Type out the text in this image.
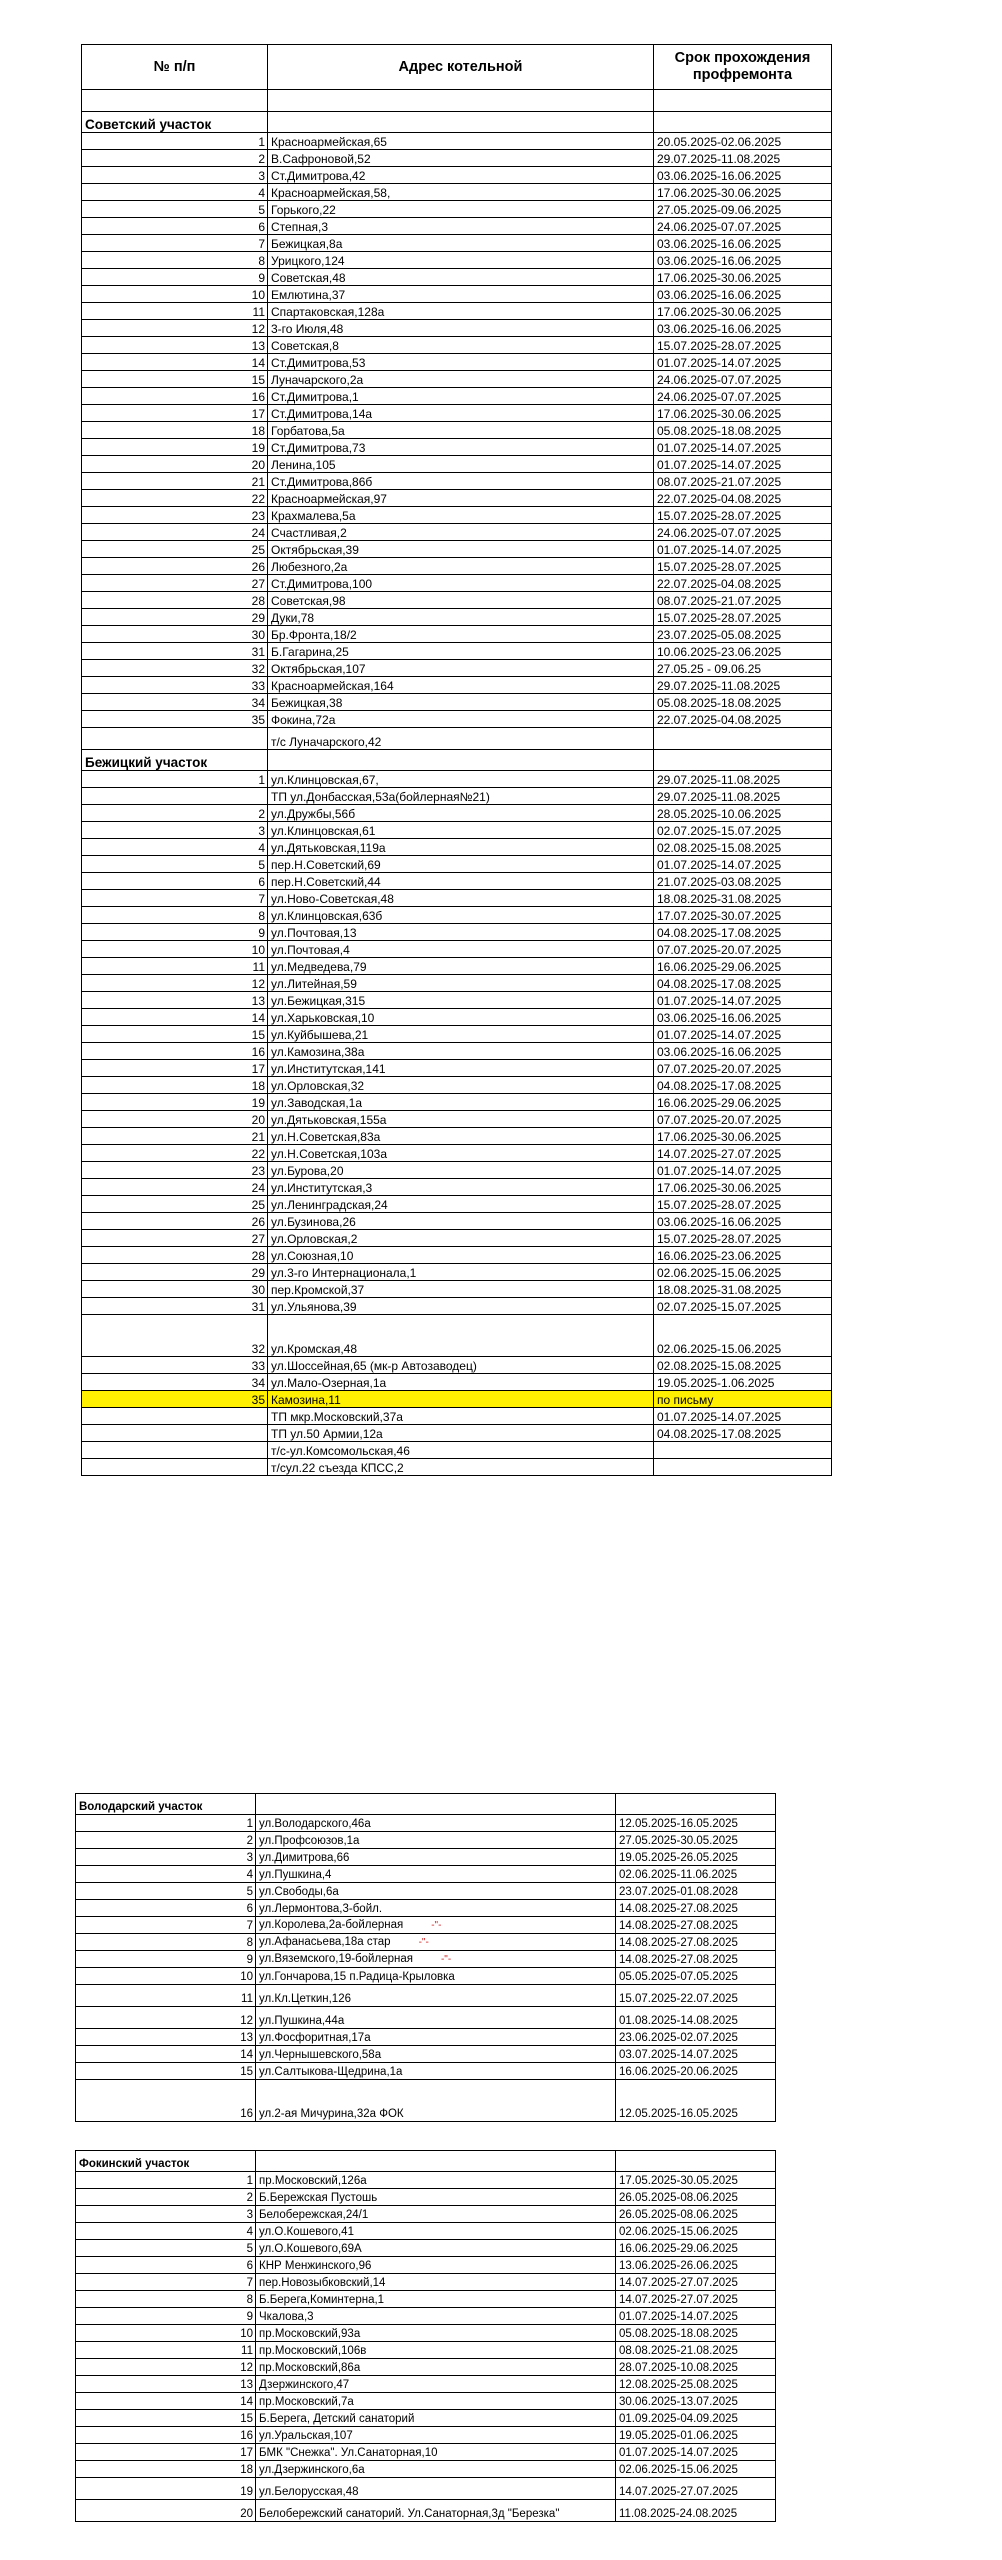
№ п/п	Адрес котельной	Срок прохождения профремонта

Советский участок		
1	Красноармейская,65	20.05.2025-02.06.2025
2	В.Сафроновой,52	29.07.2025-11.08.2025
3	Ст.Димитрова,42	03.06.2025-16.06.2025
4	Красноармейская,58,	17.06.2025-30.06.2025
5	Горького,22	27.05.2025-09.06.2025
6	Степная,3	24.06.2025-07.07.2025
7	Бежицкая,8а	03.06.2025-16.06.2025
8	Урицкого,124	03.06.2025-16.06.2025
9	Советская,48	17.06.2025-30.06.2025
10	Емлютина,37	03.06.2025-16.06.2025
11	Спартаковская,128а	17.06.2025-30.06.2025
12	3-го Июля,48	03.06.2025-16.06.2025
13	Советская,8	15.07.2025-28.07.2025
14	Ст.Димитрова,53	01.07.2025-14.07.2025
15	Луначарского,2а	24.06.2025-07.07.2025
16	Ст.Димитрова,1	24.06.2025-07.07.2025
17	Ст.Димитрова,14а	17.06.2025-30.06.2025
18	Горбатова,5а	05.08.2025-18.08.2025
19	Ст.Димитрова,73	01.07.2025-14.07.2025
20	Ленина,105	01.07.2025-14.07.2025
21	Ст.Димитрова,86б	08.07.2025-21.07.2025
22	Красноармейская,97	22.07.2025-04.08.2025
23	Крахмалева,5а	15.07.2025-28.07.2025
24	Счастливая,2	24.06.2025-07.07.2025
25	Октябрьская,39	01.07.2025-14.07.2025
26	Любезного,2а	15.07.2025-28.07.2025
27	Ст.Димитрова,100	22.07.2025-04.08.2025
28	Советская,98	08.07.2025-21.07.2025
29	Дуки,78	15.07.2025-28.07.2025
30	Бр.Фронта,18/2	23.07.2025-05.08.2025
31	Б.Гагарина,25	10.06.2025-23.06.2025
32	Октябрьская,107	27.05.25 - 09.06.25
33	Красноармейская,164	29.07.2025-11.08.2025
34	Бежицкая,38	05.08.2025-18.08.2025
35	Фокина,72а	22.07.2025-04.08.2025
	т/с Луначарского,42	
Бежицкий участок		
1	ул.Клинцовская,67,	29.07.2025-11.08.2025
	ТП ул.Донбасская,53а(бойлерная№21)	29.07.2025-11.08.2025
2	ул.Дружбы,56б	28.05.2025-10.06.2025
3	ул.Клинцовская,61	02.07.2025-15.07.2025
4	ул.Дятьковская,119а	02.08.2025-15.08.2025
5	пер.Н.Советский,69	01.07.2025-14.07.2025
6	пер.Н.Советский,44	21.07.2025-03.08.2025
7	ул.Ново-Советская,48	18.08.2025-31.08.2025
8	ул.Клинцовская,63б	17.07.2025-30.07.2025
9	ул.Почтовая,13	04.08.2025-17.08.2025
10	ул.Почтовая,4	07.07.2025-20.07.2025
11	ул.Медведева,79	16.06.2025-29.06.2025
12	ул.Литейная,59	04.08.2025-17.08.2025
13	ул.Бежицкая,315	01.07.2025-14.07.2025
14	ул.Харьковская,10	03.06.2025-16.06.2025
15	ул.Куйбышева,21	01.07.2025-14.07.2025
16	ул.Камозина,38а	03.06.2025-16.06.2025
17	ул.Институтская,141	07.07.2025-20.07.2025
18	ул.Орловская,32	04.08.2025-17.08.2025
19	ул.Заводская,1а	16.06.2025-29.06.2025
20	ул.Дятьковская,155а	07.07.2025-20.07.2025
21	ул.Н.Советская,83а	17.06.2025-30.06.2025
22	ул.Н.Советская,103а	14.07.2025-27.07.2025
23	ул.Бурова,20	01.07.2025-14.07.2025
24	ул.Институтская,3	17.06.2025-30.06.2025
25	ул.Ленинградская,24	15.07.2025-28.07.2025
26	ул.Бузинова,26	03.06.2025-16.06.2025
27	ул.Орловская,2	15.07.2025-28.07.2025
28	ул.Союзная,10	16.06.2025-23.06.2025
29	ул.3-го Интернационала,1	02.06.2025-15.06.2025
30	пер.Кромской,37	18.08.2025-31.08.2025
31	ул.Ульянова,39	02.07.2025-15.07.2025
32	ул.Кромская,48	02.06.2025-15.06.2025
33	ул.Шоссейная,65 (мк-р Автозаводец)	02.08.2025-15.08.2025
34	ул.Мало-Озерная,1а	19.05.2025-1.06.2025
35	Камозина,11	по письму
	ТП мкр.Московский,37а	01.07.2025-14.07.2025
	ТП ул.50 Армии,12а	04.08.2025-17.08.2025
	т/с-ул.Комсомольская,46	
	т/сул.22 съезда КПСС,2	
Володарский участок		
1	ул.Володарского,46а	12.05.2025-16.05.2025
2	ул.Профсоюзов,1а	27.05.2025-30.05.2025
3	ул.Димитрова,66	19.05.2025-26.05.2025
4	ул.Пушкина,4	02.06.2025-11.06.2025
5	ул.Свободы,6а	23.07.2025-01.08.2028
6	ул.Лермонтова,3-бойл.	14.08.2025-27.08.2025
7	ул.Королева,2а-бойлерная -"-	14.08.2025-27.08.2025
8	ул.Афанасьева,18а стар -"-	14.08.2025-27.08.2025
9	ул.Вяземского,19-бойлерная -"-	14.08.2025-27.08.2025
10	ул.Гончарова,15 п.Радица-Крыловка	05.05.2025-07.05.2025
11	ул.Кл.Цеткин,126	15.07.2025-22.07.2025
12	ул.Пушкина,44а	01.08.2025-14.08.2025
13	ул.Фосфоритная,17а	23.06.2025-02.07.2025
14	ул.Чернышевского,58а	03.07.2025-14.07.2025
15	ул.Салтыкова-Щедрина,1а	16.06.2025-20.06.2025
16	ул.2-ая Мичурина,32а ФОК	12.05.2025-16.05.2025
Фокинский участок		
1	пр.Московский,126а	17.05.2025-30.05.2025
2	Б.Бережская Пустошь	26.05.2025-08.06.2025
3	Белобережская,24/1	26.05.2025-08.06.2025
4	ул.О.Кошевого,41	02.06.2025-15.06.2025
5	ул.О.Кошевого,69А	16.06.2025-29.06.2025
6	КНР Менжинского,96	13.06.2025-26.06.2025
7	пер.Новозыбковский,14	14.07.2025-27.07.2025
8	Б.Берега,Коминтерна,1	14.07.2025-27.07.2025
9	Чкалова,3	01.07.2025-14.07.2025
10	пр.Московский,93а	05.08.2025-18.08.2025
11	пр.Московский,106в	08.08.2025-21.08.2025
12	пр.Московский,86а	28.07.2025-10.08.2025
13	Дзержинского,47	12.08.2025-25.08.2025
14	пр.Московский,7а	30.06.2025-13.07.2025
15	Б.Берега, Детский санаторий	01.09.2025-04.09.2025
16	ул.Уральская,107	19.05.2025-01.06.2025
17	БМК "Снежка". Ул.Санаторная,10	01.07.2025-14.07.2025
18	ул.Дзержинского,6а	02.06.2025-15.06.2025
19	ул.Белорусская,48	14.07.2025-27.07.2025
20	Белобережский санаторий. Ул.Санаторная,3д "Березка"	11.08.2025-24.08.2025
